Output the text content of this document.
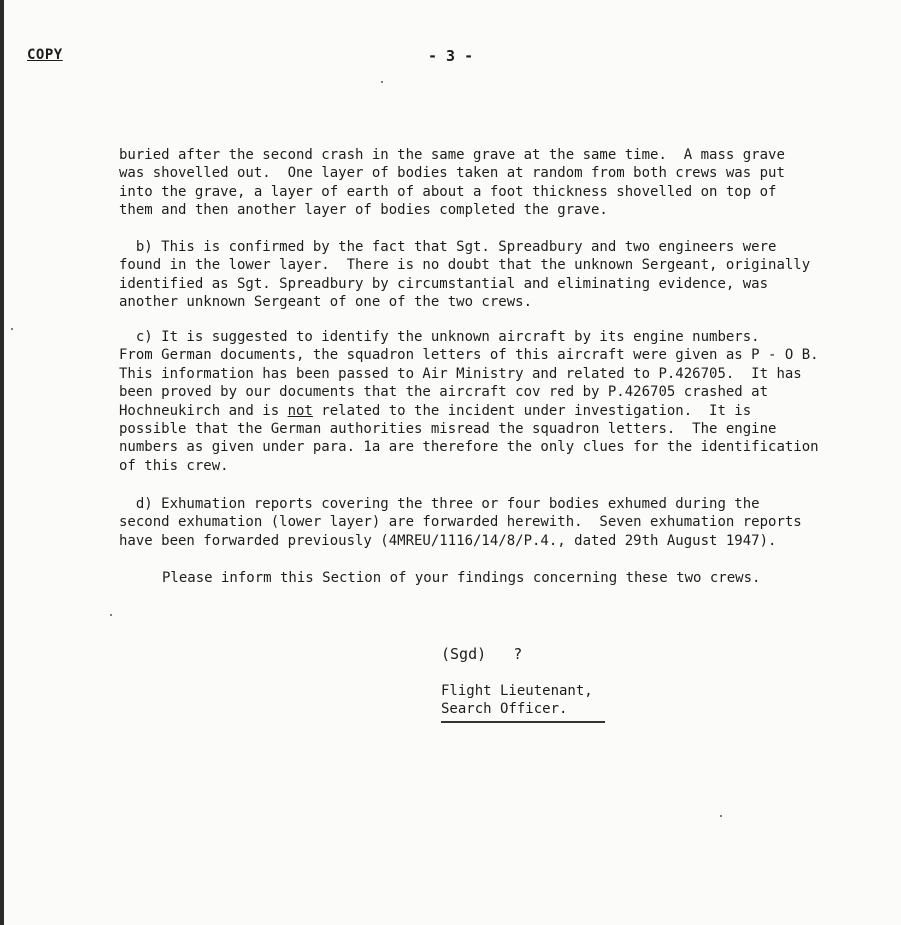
COPY	- 3 -

buried after the second crash in the same grave at the same time.  A mass grave
was shovelled out.  One layer of bodies taken at random from both crews was put
into the grave, a layer of earth of about a foot thickness shovelled on top of
them and then another layer of bodies completed the grave.

b) This is confirmed by the fact that Sgt. Spreadbury and two engineers were
found in the lower layer.  There is no doubt that the unknown Sergeant, originally
identified as Sgt. Spreadbury by circumstantial and eliminating evidence, was
another unknown Sergeant of one of the two crews.

c) It is suggested to identify the unknown aircraft by its engine numbers.
From German documents, the squadron letters of this aircraft were given as P - O B.
This information has been passed to Air Ministry and related to P.426705.  It has
been proved by our documents that the aircraft cov red by P.426705 crashed at
Hochneukirch and is not related to the incident under investigation.  It is
possible that the German authorities misread the squadron letters.  The engine
numbers as given under para. 1a are therefore the only clues for the identification
of this crew.

d) Exhumation reports covering the three or four bodies exhumed during the
second exhumation (lower layer) are forwarded herewith.  Seven exhumation reports
have been forwarded previously (4MREU/1116/14/8/P.4., dated 29th August 1947).

Please inform this Section of your findings concerning these two crews.

(Sgd)   ?
Flight Lieutenant,
Search Officer.
